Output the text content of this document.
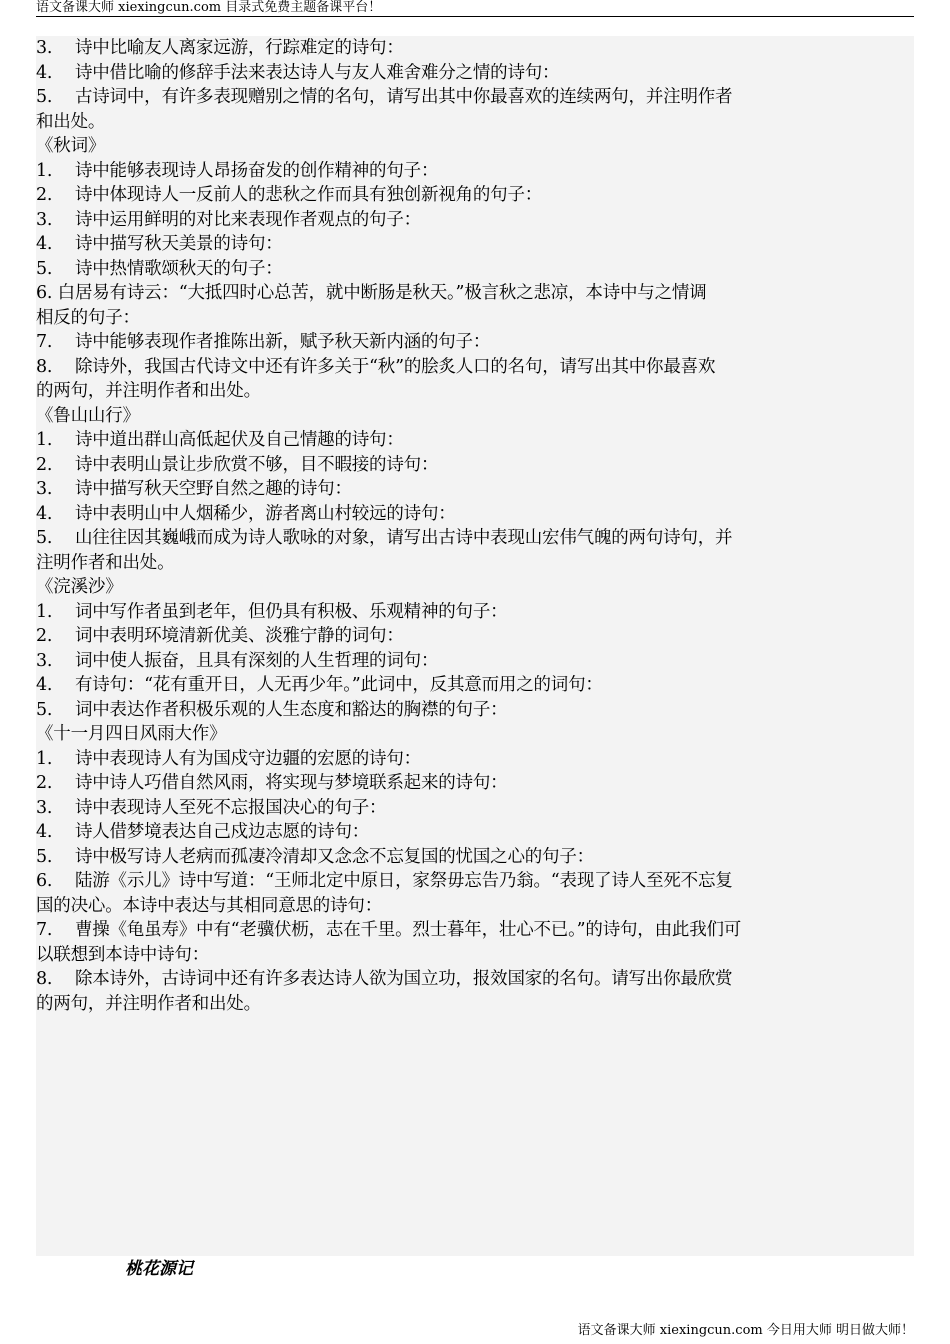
语文备课大师 xiexingcun.com 目录式免费主题备课平台！

3.　 诗中比喻友人离家远游，行踪难定的诗句：

4.　 诗中借比喻的修辞手法来表达诗人与友人难舍难分之情的诗句：

5.　 古诗词中，有许多表现赠别之情的名句，请写出其中你最喜欢的连续两句，并注明作者

和出处。

《秋词》

1.　 诗中能够表现诗人昂扬奋发的创作精神的句子：

2.　 诗中体现诗人一反前人的悲秋之作而具有独创新视角的句子：

3.　 诗中运用鲜明的对比来表现作者观点的句子：

4.　 诗中描写秋天美景的诗句：

5.　 诗中热情歌颂秋天的句子：

6. 白居易有诗云：“大抵四时心总苦，就中断肠是秋天。”极言秋之悲凉，本诗中与之情调

相反的句子：

7.　 诗中能够表现作者推陈出新，赋予秋天新内涵的句子：

8.　 除诗外，我国古代诗文中还有许多关于“秋”的脍炙人口的名句，请写出其中你最喜欢

的两句，并注明作者和出处。

《鲁山山行》

1.　 诗中道出群山高低起伏及自己情趣的诗句：

2.　 诗中表明山景让步欣赏不够，目不暇接的诗句：

3.　 诗中描写秋天空野自然之趣的诗句：

4.　 诗中表明山中人烟稀少，游者离山村较远的诗句：

5.　 山往往因其巍峨而成为诗人歌咏的对象，请写出古诗中表现山宏伟气魄的两句诗句，并

注明作者和出处。

《浣溪沙》

1.　 词中写作者虽到老年，但仍具有积极、乐观精神的句子：

2.　 词中表明环境清新优美、淡雅宁静的词句：

3.　 词中使人振奋，且具有深刻的人生哲理的词句：

4.　 有诗句：“花有重开日，人无再少年。”此词中，反其意而用之的词句：

5.　 词中表达作者积极乐观的人生态度和豁达的胸襟的句子：

《十一月四日风雨大作》

1.　 诗中表现诗人有为国戍守边疆的宏愿的诗句：

2.　 诗中诗人巧借自然风雨，将实现与梦境联系起来的诗句：

3.　 诗中表现诗人至死不忘报国决心的句子：

4.　 诗人借梦境表达自己戍边志愿的诗句：

5.　 诗中极写诗人老病而孤凄冷清却又念念不忘复国的忧国之心的句子：

6.　 陆游《示儿》诗中写道：“王师北定中原日，家祭毋忘告乃翁。“表现了诗人至死不忘复

国的决心。本诗中表达与其相同意思的诗句：

7.　 曹操《龟虽寿》中有“老骥伏枥，志在千里。烈士暮年，壮心不已。”的诗句，由此我们可

以联想到本诗中诗句：

8.　 除本诗外，古诗词中还有许多表达诗人欲为国立功，报效国家的名句。请写出你最欣赏

的两句，并注明作者和出处。

桃花源记
语文备课大师 xiexingcun.com 今日用大师 明日做大师！
